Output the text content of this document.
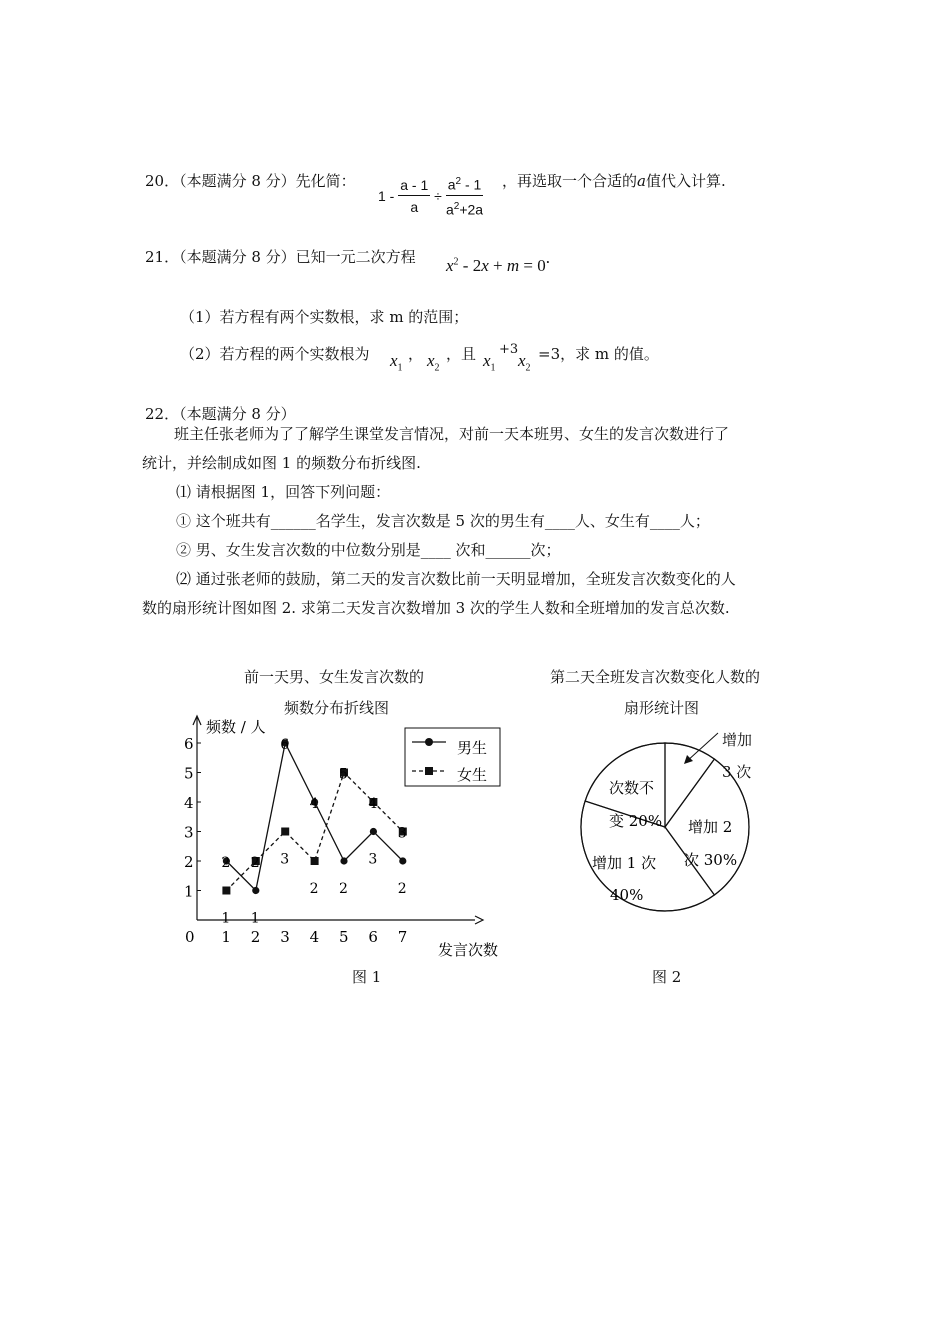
20．（本题满分 8 分）先化简：
$1 - \frac{a - 1}{a} \div \frac{a^2 - 1}{a^2+2a}$ ，再选取一个合适的a值代入计算.
21．（本题满分 8 分）已知一元二次方程 $x^2 - 2x + m = 0$.
（1）若方程有两个实数根，求 m 的范围；
（2）若方程的两个实数根为 $x_1$
， $x_2$
，且 $x_1$
+3
$x_2$
=3，求 m 的值。
22．（本题满分 8 分）
班主任张老师为了了解学生课堂发言情况，对前一天本班男、女生的发言次数进行了
统计，并绘制成如图 1 的频数分布折线图.
⑴ 请根据图 1，回答下列问题：
① 这个班共有______名学生，发言次数是 5 次的男生有____人、女生有____人；
② 男、女生发言次数的中位数分别是____ 次和______次；
⑵ 通过张老师的鼓励，第二天的发言次数比前一天明显增加，全班发言次数变化的人
数的扇形统计图如图 2. 求第二天发言次数增加 3 次的学生人数和全班增加的发言总次数.
前一天男、女生发言次数的
频数分布折线图
1 2 3 4 5 6 7
1
2
3
4
5
6
2
1
6
4
2
3
2
1
2 3
2
5
4
3
频数 / 人
发言次数
0
男生
女生
图 1
第二天全班发言次数变化人数的
扇形统计图
次数不
变 20% 增加 2
次 30%
增加 1 次
40%
增加
3 次
图 2
